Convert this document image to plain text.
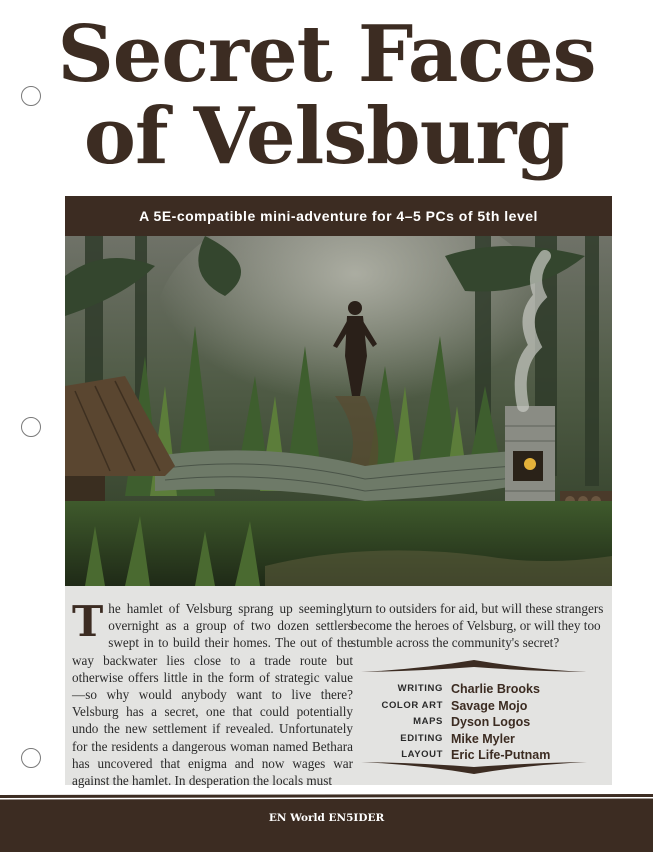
Secret Faces
of Velsburg
A 5E-compatible mini-adventure for 4–5 PCs of 5th level
T he hamlet of Velsburg sprang up seemingly overnight as a group of two dozen settlers swept in to build their homes. The out of the way backwater lies close to a trade route but otherwise offers little in the form of strategic value—so why would anybody want to live there? Velsburg has a secret, one that could potentially undo the new settlement if revealed. Unfortunately for the residents a dangerous woman named Bethara has uncovered that enigma and now wages war against the hamlet. In desperation the locals must
turn to outsiders for aid, but will these strangers become the heroes of Velsburg, or will they too stumble across the community's secret?
WRITING Charlie Brooks
COLOR ART Savage Mojo
MAPS Dyson Logos
EDITING Mike Myler
LAYOUT Eric Life-Putnam
EN World EN5IDER
